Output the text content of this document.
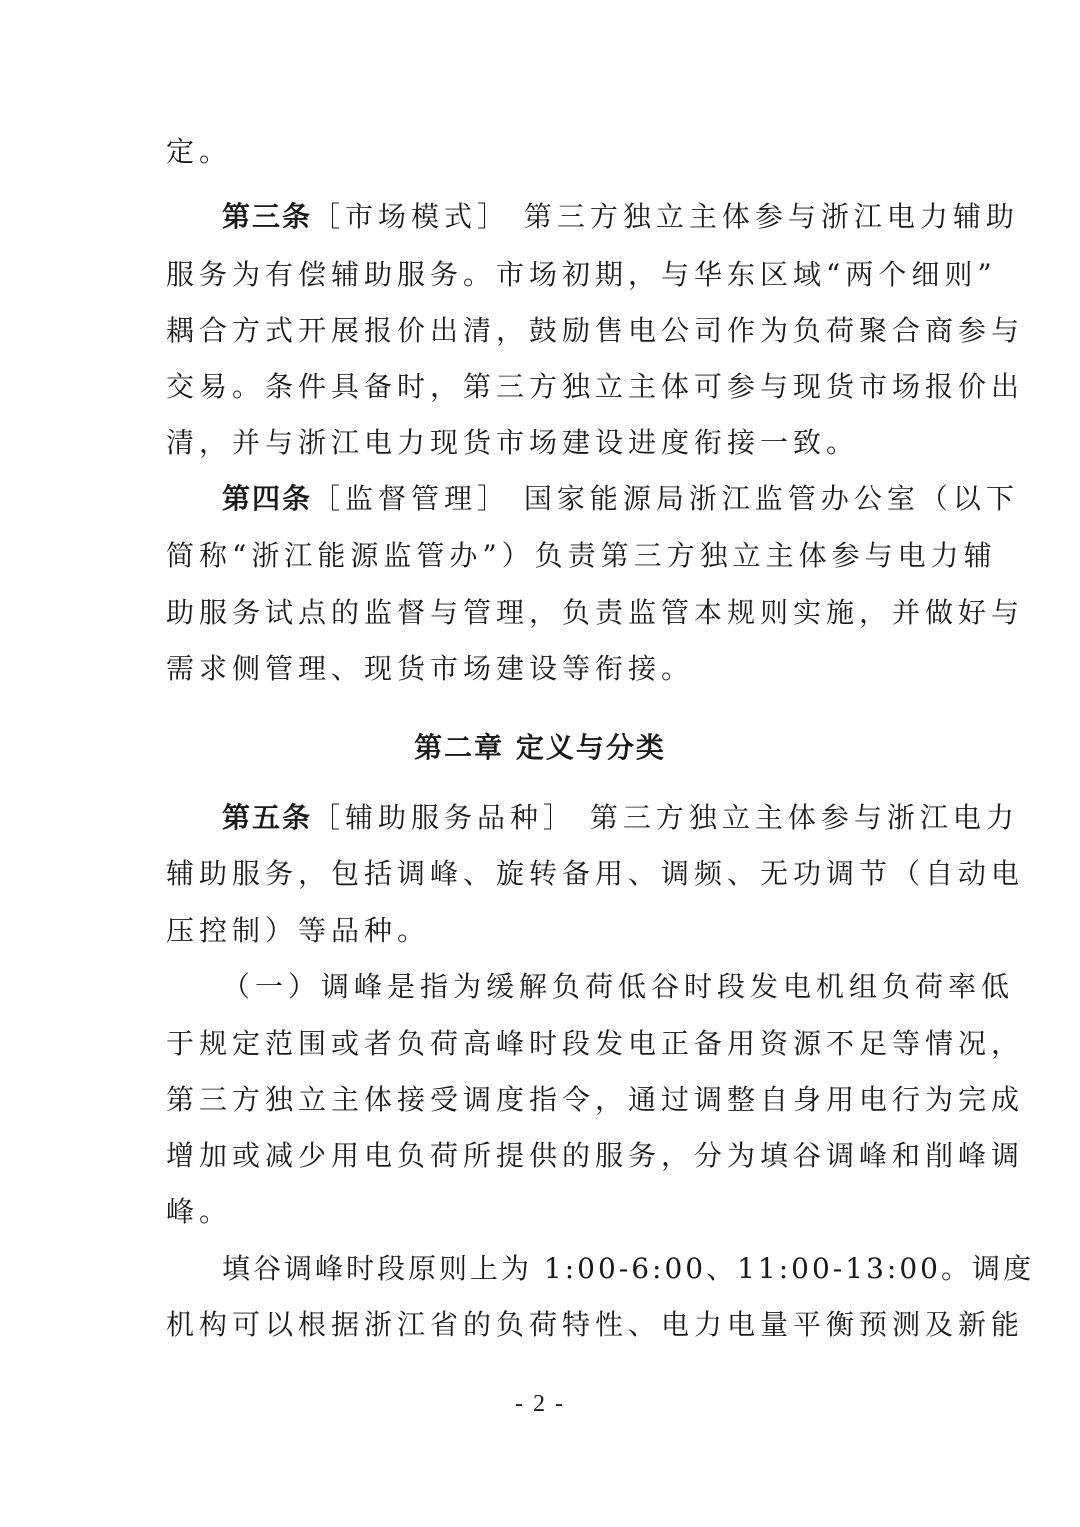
定。
第三条［市场模式］ 第三方独立主体参与浙江电力辅助
服务为有偿辅助服务。市场初期，与华东区域“两个细则”
耦合方式开展报价出清，鼓励售电公司作为负荷聚合商参与
交易。条件具备时，第三方独立主体可参与现货市场报价出
清，并与浙江电力现货市场建设进度衔接一致。
第四条［监督管理］ 国家能源局浙江监管办公室（以下
简称“浙江能源监管办”）负责第三方独立主体参与电力辅
助服务试点的监督与管理，负责监管本规则实施，并做好与
需求侧管理、现货市场建设等衔接。
第二章 定义与分类
第五条［辅助服务品种］ 第三方独立主体参与浙江电力
辅助服务，包括调峰、旋转备用、调频、无功调节（自动电
压控制）等品种。
（一）调峰是指为缓解负荷低谷时段发电机组负荷率低
于规定范围或者负荷高峰时段发电正备用资源不足等情况，
第三方独立主体接受调度指令，通过调整自身用电行为完成
增加或减少用电负荷所提供的服务，分为填谷调峰和削峰调
峰。
填谷调峰时段原则上为 1:00-6:00、11:00-13:00。调度
机构可以根据浙江省的负荷特性、电力电量平衡预测及新能
- 2 -
